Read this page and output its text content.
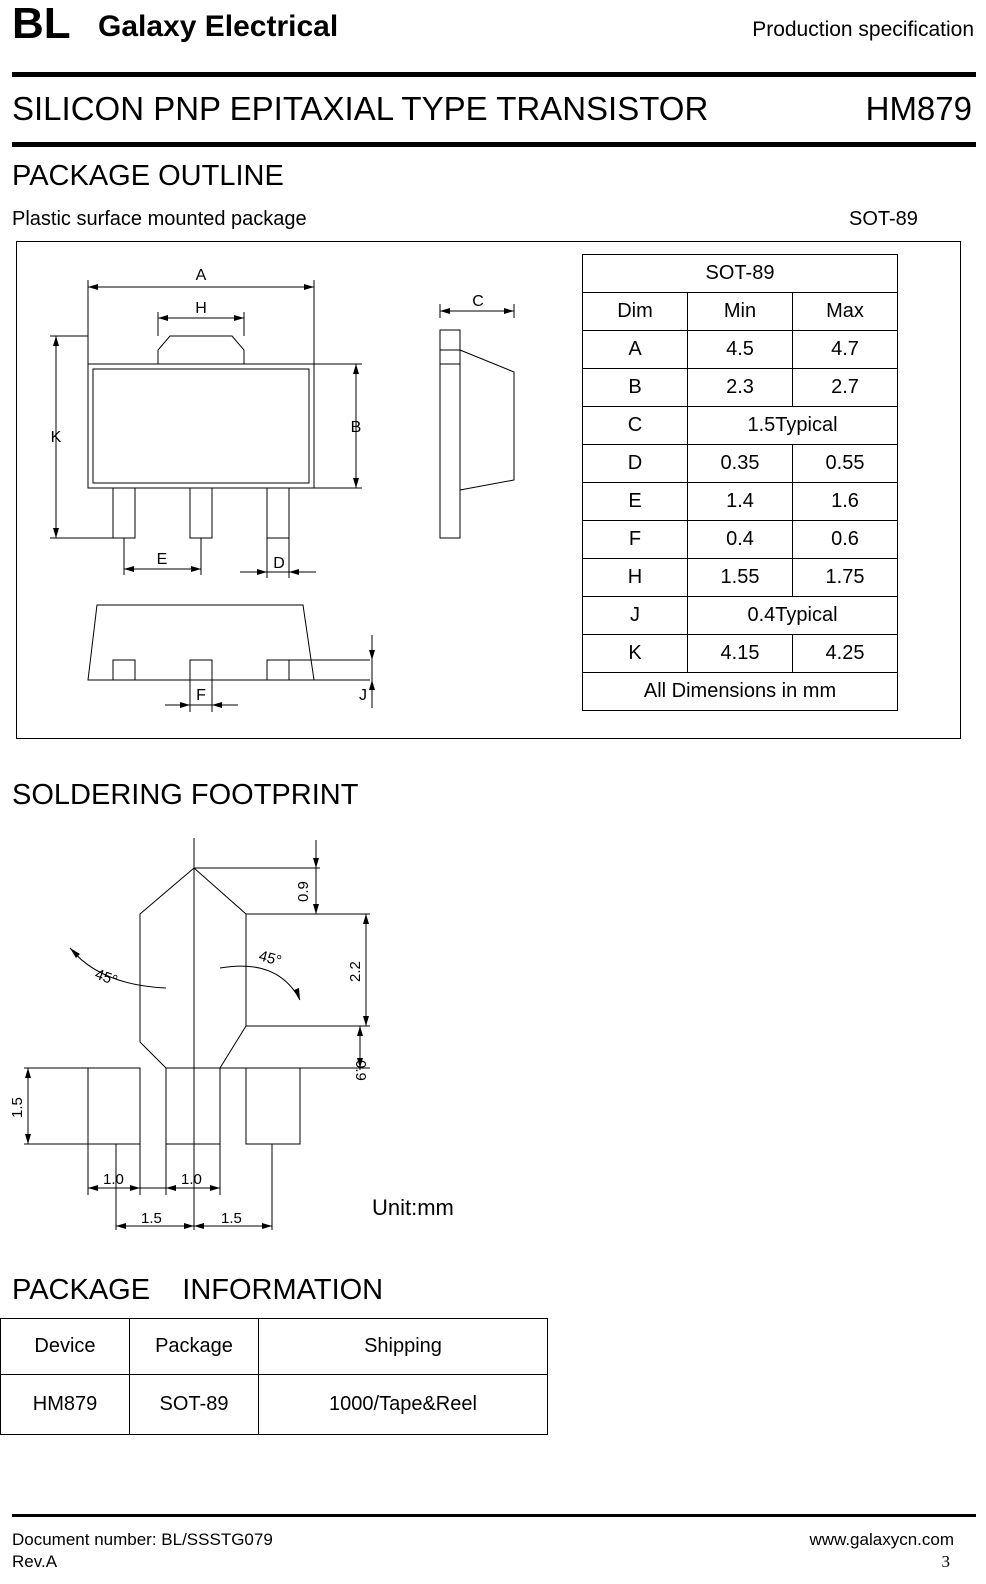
BL Galaxy Electrical	Production specification
SILICON PNP EPITAXIAL TYPE TRANSISTOR	HM879
PACKAGE OUTLINE
Plastic surface mounted package	SOT-89
A
H
B
K
C
E	D
F	J
SOT-89		
Dim	Min	Max
A	4.5	4.7
B	2.3	2.7
C	1.5Typical	
D	0.35	0.55
E	1.4	1.6
F	0.4	0.6
H	1.55	1.75
J	0.4Typical	
K	4.15	4.25
All Dimensions in mm		
SOLDERING FOOTPRINT
0.9
2.2
0.9
1.5
1.0	1.0
1.5	1.5
45°
45°
Unit:mm
PACKAGE    INFORMATION
Device	Package	Shipping
HM879	SOT-89	1000/Tape&Reel
Document number: BL/SSSTG079
Rev.A
www.galaxycn.com
3
